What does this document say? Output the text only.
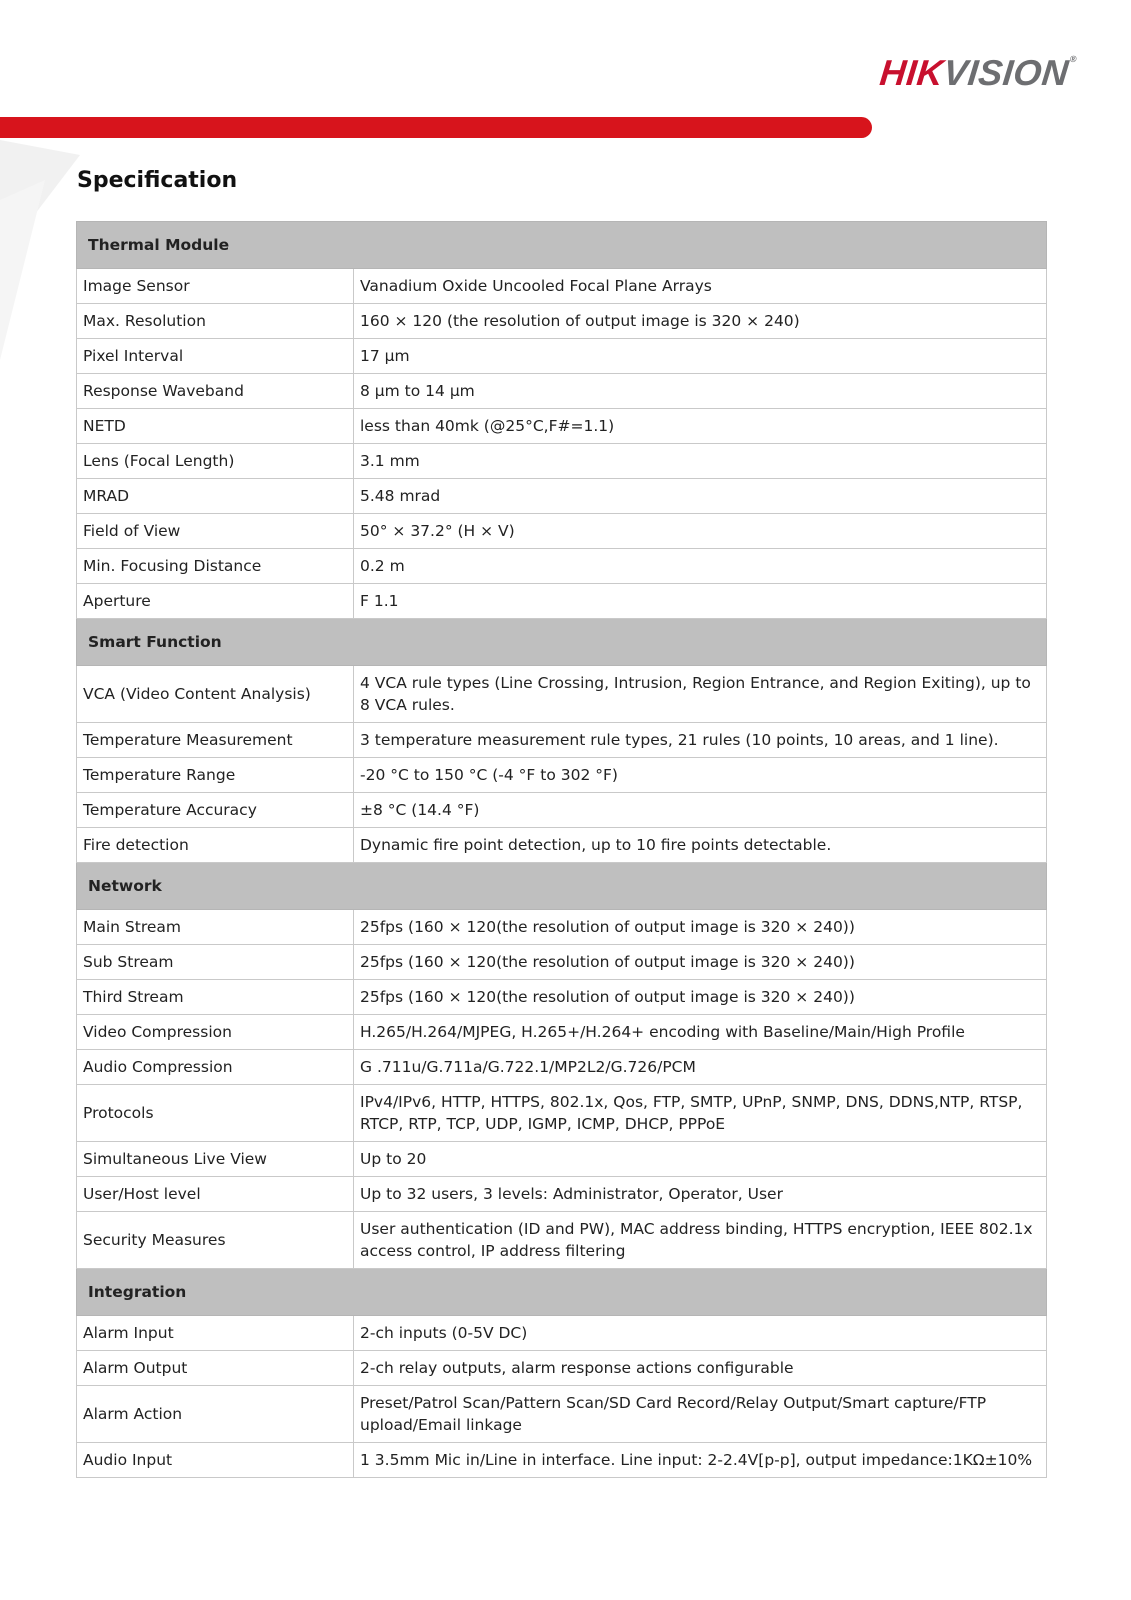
HIKVISION®
Specification
Thermal Module	
Image Sensor	Vanadium Oxide Uncooled Focal Plane Arrays
Max. Resolution	160 × 120 (the resolution of output image is 320 × 240)
Pixel Interval	17 µm
Response Waveband	8 µm to 14 µm
NETD	less than 40mk (@25°C,F#=1.1)
Lens (Focal Length)	3.1 mm
MRAD	5.48 mrad
Field of View	50° × 37.2° (H × V)
Min. Focusing Distance	0.2 m
Aperture	F 1.1
Smart Function	
VCA (Video Content Analysis)	4 VCA rule types (Line Crossing, Intrusion, Region Entrance, and Region Exiting), up to 8 VCA rules.
Temperature Measurement	3 temperature measurement rule types, 21 rules (10 points, 10 areas, and 1 line).
Temperature Range	-20 °C to 150 °C (-4 °F to 302 °F)
Temperature Accuracy	±8 °C (14.4 °F)
Fire detection	Dynamic fire point detection, up to 10 fire points detectable.
Network	
Main Stream	25fps (160 × 120(the resolution of output image is 320 × 240))
Sub Stream	25fps (160 × 120(the resolution of output image is 320 × 240))
Third Stream	25fps (160 × 120(the resolution of output image is 320 × 240))
Video Compression	H.265/H.264/MJPEG, H.265+/H.264+ encoding with Baseline/Main/High Profile
Audio Compression	G .711u/G.711a/G.722.1/MP2L2/G.726/PCM
Protocols	IPv4/IPv6, HTTP, HTTPS, 802.1x, Qos, FTP, SMTP, UPnP, SNMP, DNS, DDNS,NTP, RTSP, RTCP, RTP, TCP, UDP, IGMP, ICMP, DHCP, PPPoE
Simultaneous Live View	Up to 20
User/Host level	Up to 32 users, 3 levels: Administrator, Operator, User
Security Measures	User authentication (ID and PW), MAC address binding, HTTPS encryption, IEEE 802.1x access control, IP address filtering
Integration	
Alarm Input	2-ch inputs (0-5V DC)
Alarm Output	2-ch relay outputs, alarm response actions configurable
Alarm Action	Preset/Patrol Scan/Pattern Scan/SD Card Record/Relay Output/Smart capture/FTP upload/Email linkage
Audio Input	1 3.5mm Mic in/Line in interface. Line input: 2-2.4V[p-p], output impedance:1KΩ±10%
